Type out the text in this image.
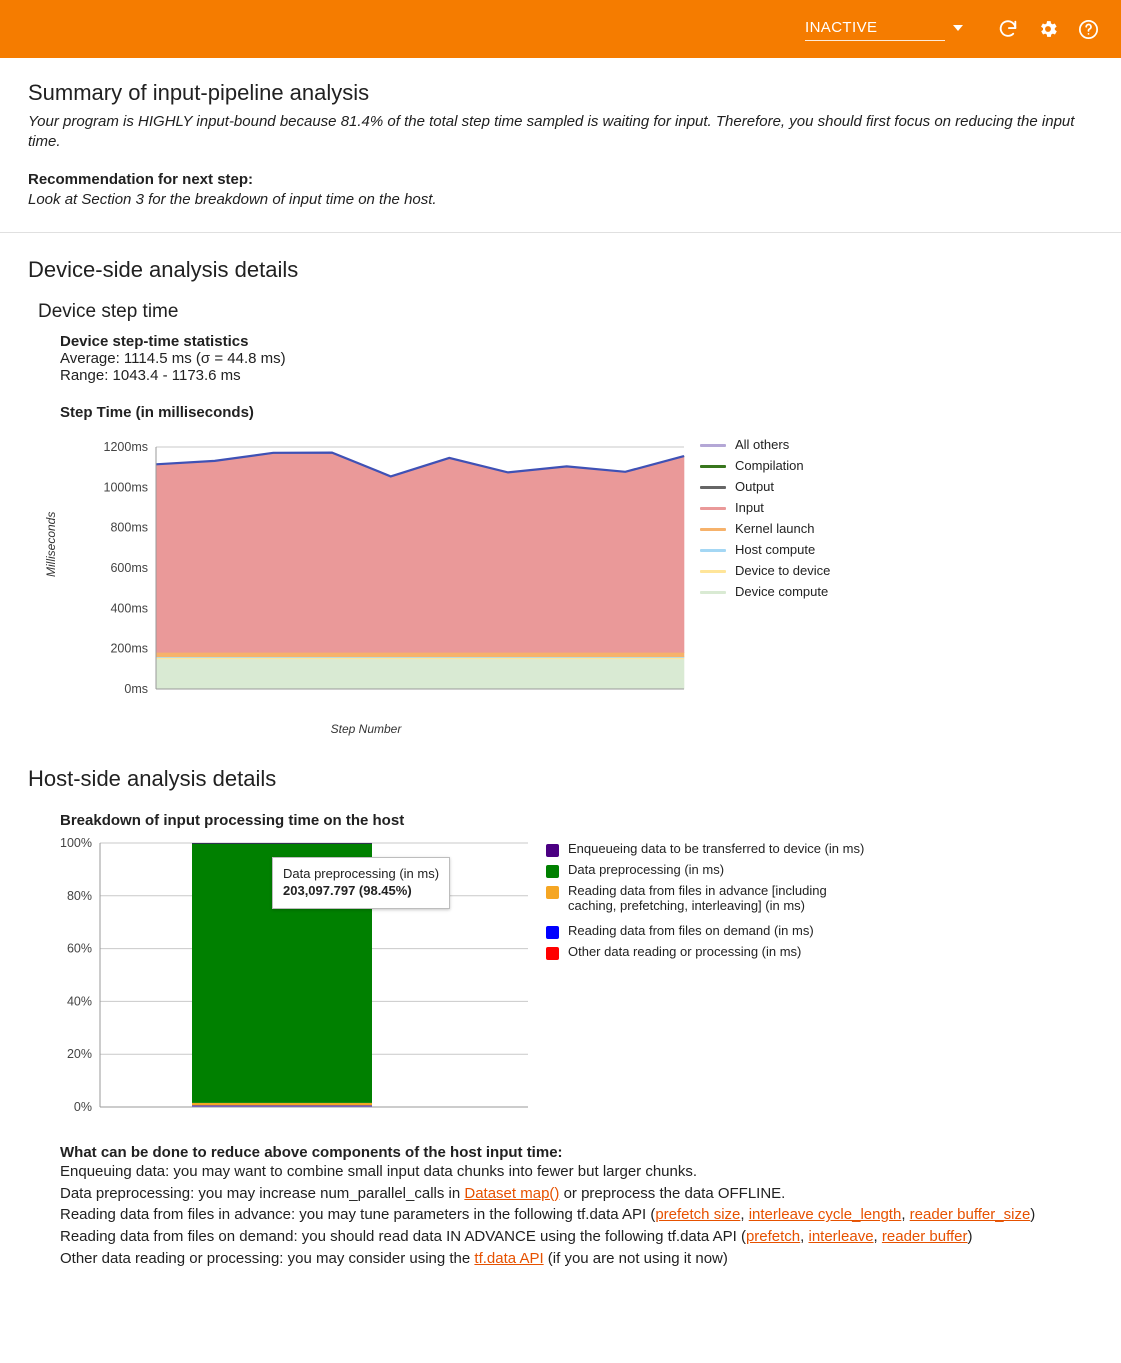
INACTIVE
Summary of input-pipeline analysis

Your program is HIGHLY input-bound because 81.4% of the total step time sampled is waiting for input. Therefore, you should first focus on reducing the input time.

Recommendation for next step:

Look at Section 3 for the breakdown of input time on the host.

Device-side analysis details
Device step time
Device step-time statistics
Average: 1114.5 ms (σ = 44.8 ms)
Range: 1043.4 - 1173.6 ms
Step Time (in milliseconds)
Milliseconds
0ms
200ms
400ms
600ms
800ms
1000ms
1200ms
Step Number
All others
Compilation
Output
Input
Kernel launch
Host compute
Device to device
Device compute
Host-side analysis details
Breakdown of input processing time on the host
0%
20%
40%
60%
80%
100%
Data preprocessing (in ms)
203,097.797 (98.45%)
Enqueueing data to be transferred to device (in ms)
Data preprocessing (in ms)
Reading data from files in advance [including caching, prefetching, interleaving] (in ms)
Reading data from files on demand (in ms)
Other data reading or processing (in ms)
What can be done to reduce above components of the host input time:

Enqueuing data: you may want to combine small input data chunks into fewer but larger chunks.

Data preprocessing: you may increase num_parallel_calls in Dataset map() or preprocess the data OFFLINE.

Reading data from files in advance: you may tune parameters in the following tf.data API (prefetch size, interleave cycle_length, reader buffer_size)

Reading data from files on demand: you should read data IN ADVANCE using the following tf.data API (prefetch, interleave, reader buffer)

Other data reading or processing: you may consider using the tf.data API (if you are not using it now)
